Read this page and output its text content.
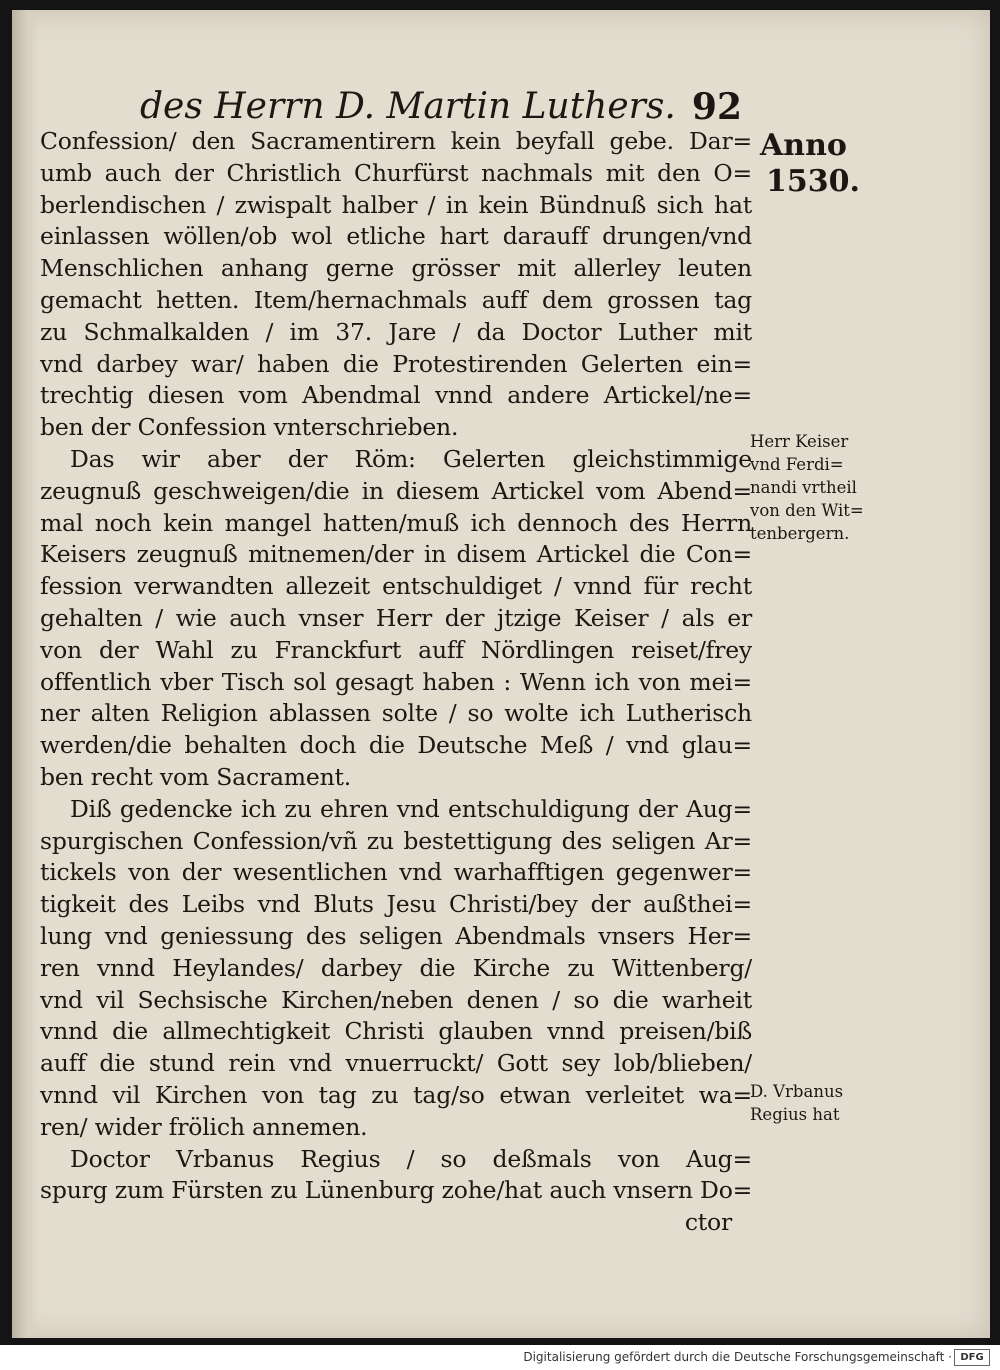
des Herrn D. Martin Luthers. 92
Confession/ den Sacramentirern kein beyfall gebe. Dar=
umb auch der Christlich Churfürst nachmals mit den O=
berlendischen / zwispalt halber / in kein Bündnuß sich hat
einlassen wöllen/ob wol etliche hart darauff drungen/vnd
Menschlichen anhang gerne grösser mit allerley leuten
gemacht hetten. Item/hernachmals auff dem grossen tag
zu Schmalkalden / im 37. Jare / da Doctor Luther mit
vnd darbey war/ haben die Protestirenden Gelerten ein=
trechtig diesen vom Abendmal vnnd andere Artickel/ne=
ben der Confession vnterschrieben.
Das wir aber der Röm: Gelerten gleichstimmige
zeugnuß geschweigen/die in diesem Artickel vom Abend=
mal noch kein mangel hatten/muß ich dennoch des Herrn
Keisers zeugnuß mitnemen/der in disem Artickel die Con=
fession verwandten allezeit entschuldiget / vnnd für recht
gehalten / wie auch vnser Herr der jtzige Keiser / als er
von der Wahl zu Franckfurt auff Nördlingen reiset/frey
offentlich vber Tisch sol gesagt haben : Wenn ich von mei=
ner alten Religion ablassen solte / so wolte ich Lutherisch
werden/die behalten doch die Deutsche Meß / vnd glau=
ben recht vom Sacrament.
Diß gedencke ich zu ehren vnd entschuldigung der Aug=
spurgischen Confession/vñ zu bestettigung des seligen Ar=
tickels von der wesentlichen vnd warhafftigen gegenwer=
tigkeit des Leibs vnd Bluts Jesu Christi/bey der außthei=
lung vnd geniessung des seligen Abendmals vnsers Her=
ren vnnd Heylandes/ darbey die Kirche zu Wittenberg/
vnd vil Sechsische Kirchen/neben denen / so die warheit
vnnd die allmechtigkeit Christi glauben vnnd preisen/biß
auff die stund rein vnd vnuerruckt/ Gott sey lob/blieben/
vnnd vil Kirchen von tag zu tag/so etwan verleitet wa=
ren/ wider frölich annemen.
Doctor Vrbanus Regius / so deßmals von Aug=
spurg zum Fürsten zu Lünenburg zohe/hat auch vnsern Do=
ctor
Anno
1530.
Herr Keiser
vnd Ferdi=
nandi vrtheil
von den Wit=
tenbergern.
D. Vrbanus
Regius hat
Digitalisierung gefördert durch die Deutsche Forschungsgemeinschaft · DFG
